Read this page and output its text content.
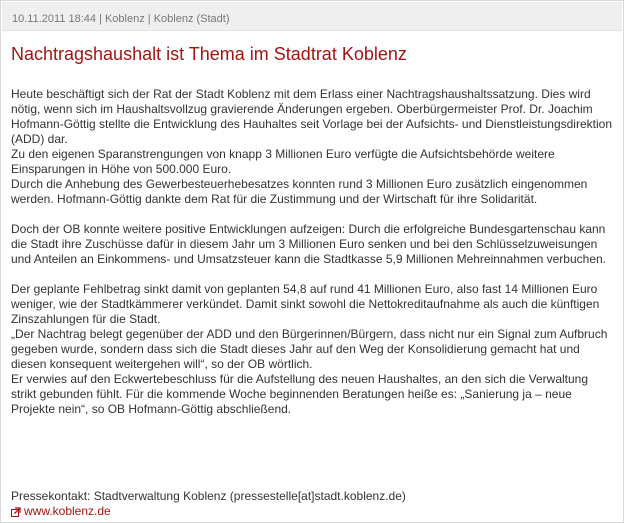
10.11.2011 18:44 | Koblenz | Koblenz (Stadt)
Nachtragshaushalt ist Thema im Stadtrat Koblenz

Heute beschäftigt sich der Rat der Stadt Koblenz mit dem Erlass einer Nachtragshaushaltssatzung. Dies wird nötig, wenn sich im Haushaltsvollzug gravierende Änderungen ergeben. Oberbürgermeister Prof. Dr. Joachim Hofmann-Göttig stellte die Entwicklung des Hauhaltes seit Vorlage bei der Aufsichts- und Dienstleistungsdirektion (ADD) dar.

Zu den eigenen Sparanstrengungen von knapp 3 Millionen Euro verfügte die Aufsichtsbehörde weitere Einsparungen in Höhe von 500.000 Euro.

Durch die Anhebung des Gewerbesteuerhebesatzes konnten rund 3 Millionen Euro zusätzlich eingenommen werden. Hofmann-Göttig dankte dem Rat für die Zustimmung und der Wirtschaft für ihre Solidarität.

Doch der OB konnte weitere positive Entwicklungen aufzeigen: Durch die erfolgreiche Bundesgartenschau kann die Stadt ihre Zuschüsse dafür in diesem Jahr um 3 Millionen Euro senken und bei den Schlüsselzuweisungen und Anteilen an Einkommens- und Umsatzsteuer kann die Stadtkasse 5,9 Millionen Mehreinnahmen verbuchen.

Der geplante Fehlbetrag sinkt damit von geplanten 54,8 auf rund 41 Millionen Euro, also fast 14 Millionen Euro weniger, wie der Stadtkämmerer verkündet. Damit sinkt sowohl die Nettokreditaufnahme als auch die künftigen Zinszahlungen für die Stadt.

„Der Nachtrag belegt gegenüber der ADD und den Bürgerinnen/Bürgern, dass nicht nur ein Signal zum Aufbruch gegeben wurde, sondern dass sich die Stadt dieses Jahr auf den Weg der Konsolidierung gemacht hat und diesen konsequent weitergehen will“, so der OB wörtlich.

Er verwies auf den Eckwertebeschluss für die Aufstellung des neuen Haushaltes, an den sich die Verwaltung strikt gebunden fühlt. Für die kommende Woche beginnenden Beratungen heiße es: „Sanierung ja – neue Projekte nein“, so OB Hofmann-Göttig abschließend.

Pressekontakt: Stadtverwaltung Koblenz (pressestelle[at]stadt.koblenz.de)
www.koblenz.de
